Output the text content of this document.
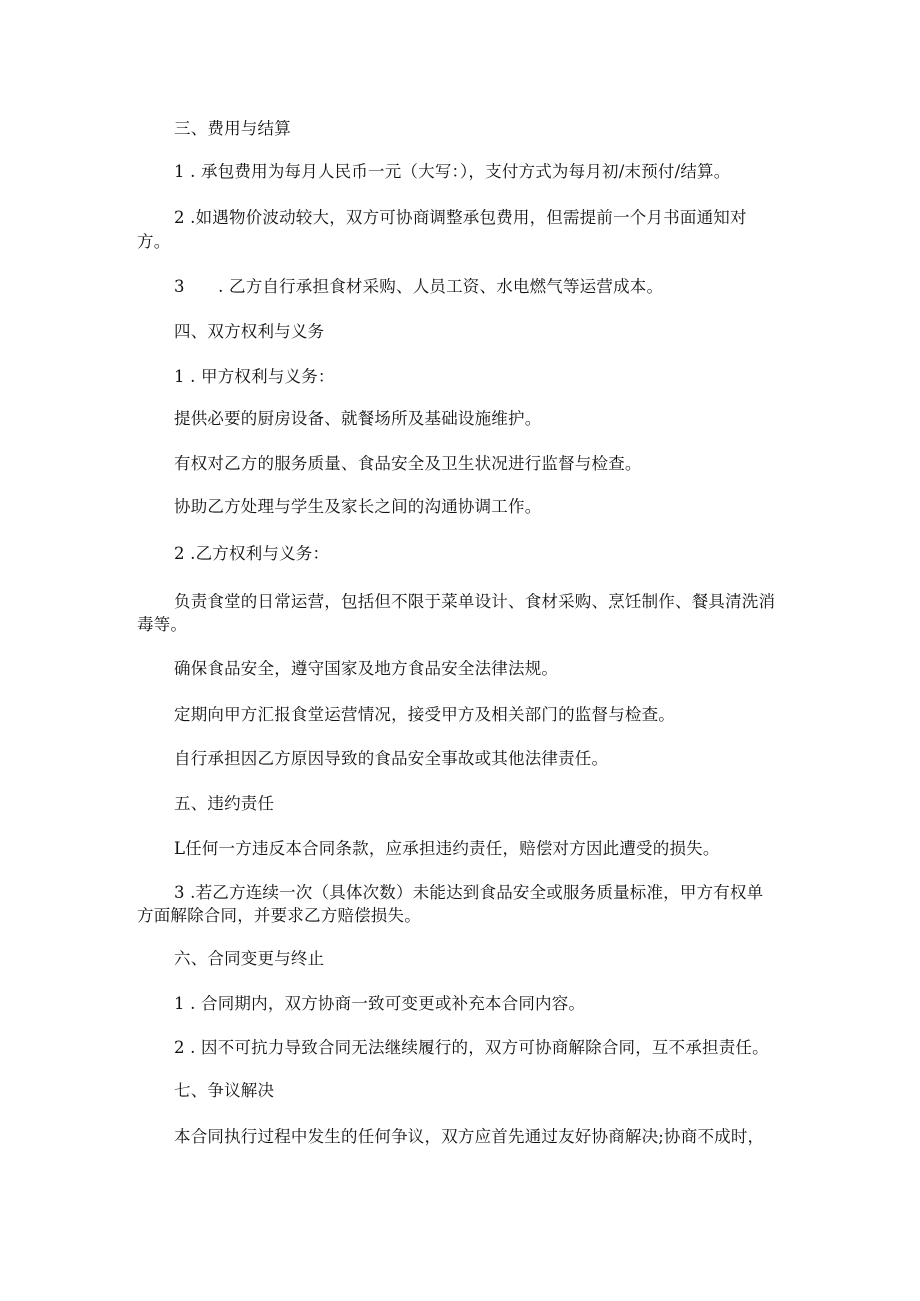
三、费用与结算

1 . 承包费用为每月人民币一元（大写：），支付方式为每月初/末预付/结算。

2 .如遇物价波动较大，双方可协商调整承包费用，但需提前一个月书面通知对

方。

3　　. 乙方自行承担食材采购、人员工资、水电燃气等运营成本。

四、双方权利与义务

1 . 甲方权利与义务：

提供必要的厨房设备、就餐场所及基础设施维护。

有权对乙方的服务质量、食品安全及卫生状况进行监督与检查。

协助乙方处理与学生及家长之间的沟通协调工作。

2 .乙方权利与义务：

负责食堂的日常运营，包括但不限于菜单设计、食材采购、烹饪制作、餐具清洗消

毒等。

确保食品安全，遵守国家及地方食品安全法律法规。

定期向甲方汇报食堂运营情况，接受甲方及相关部门的监督与检查。

自行承担因乙方原因导致的食品安全事故或其他法律责任。

五、违约责任

L任何一方违反本合同条款，应承担违约责任，赔偿对方因此遭受的损失。

3 .若乙方连续一次（具体次数）未能达到食品安全或服务质量标准，甲方有权单

方面解除合同，并要求乙方赔偿损失。

六、合同变更与终止

1 . 合同期内，双方协商一致可变更或补充本合同内容。

2 . 因不可抗力导致合同无法继续履行的，双方可协商解除合同，互不承担责任。

七、争议解决

本合同执行过程中发生的任何争议，双方应首先通过友好协商解决;协商不成时，
